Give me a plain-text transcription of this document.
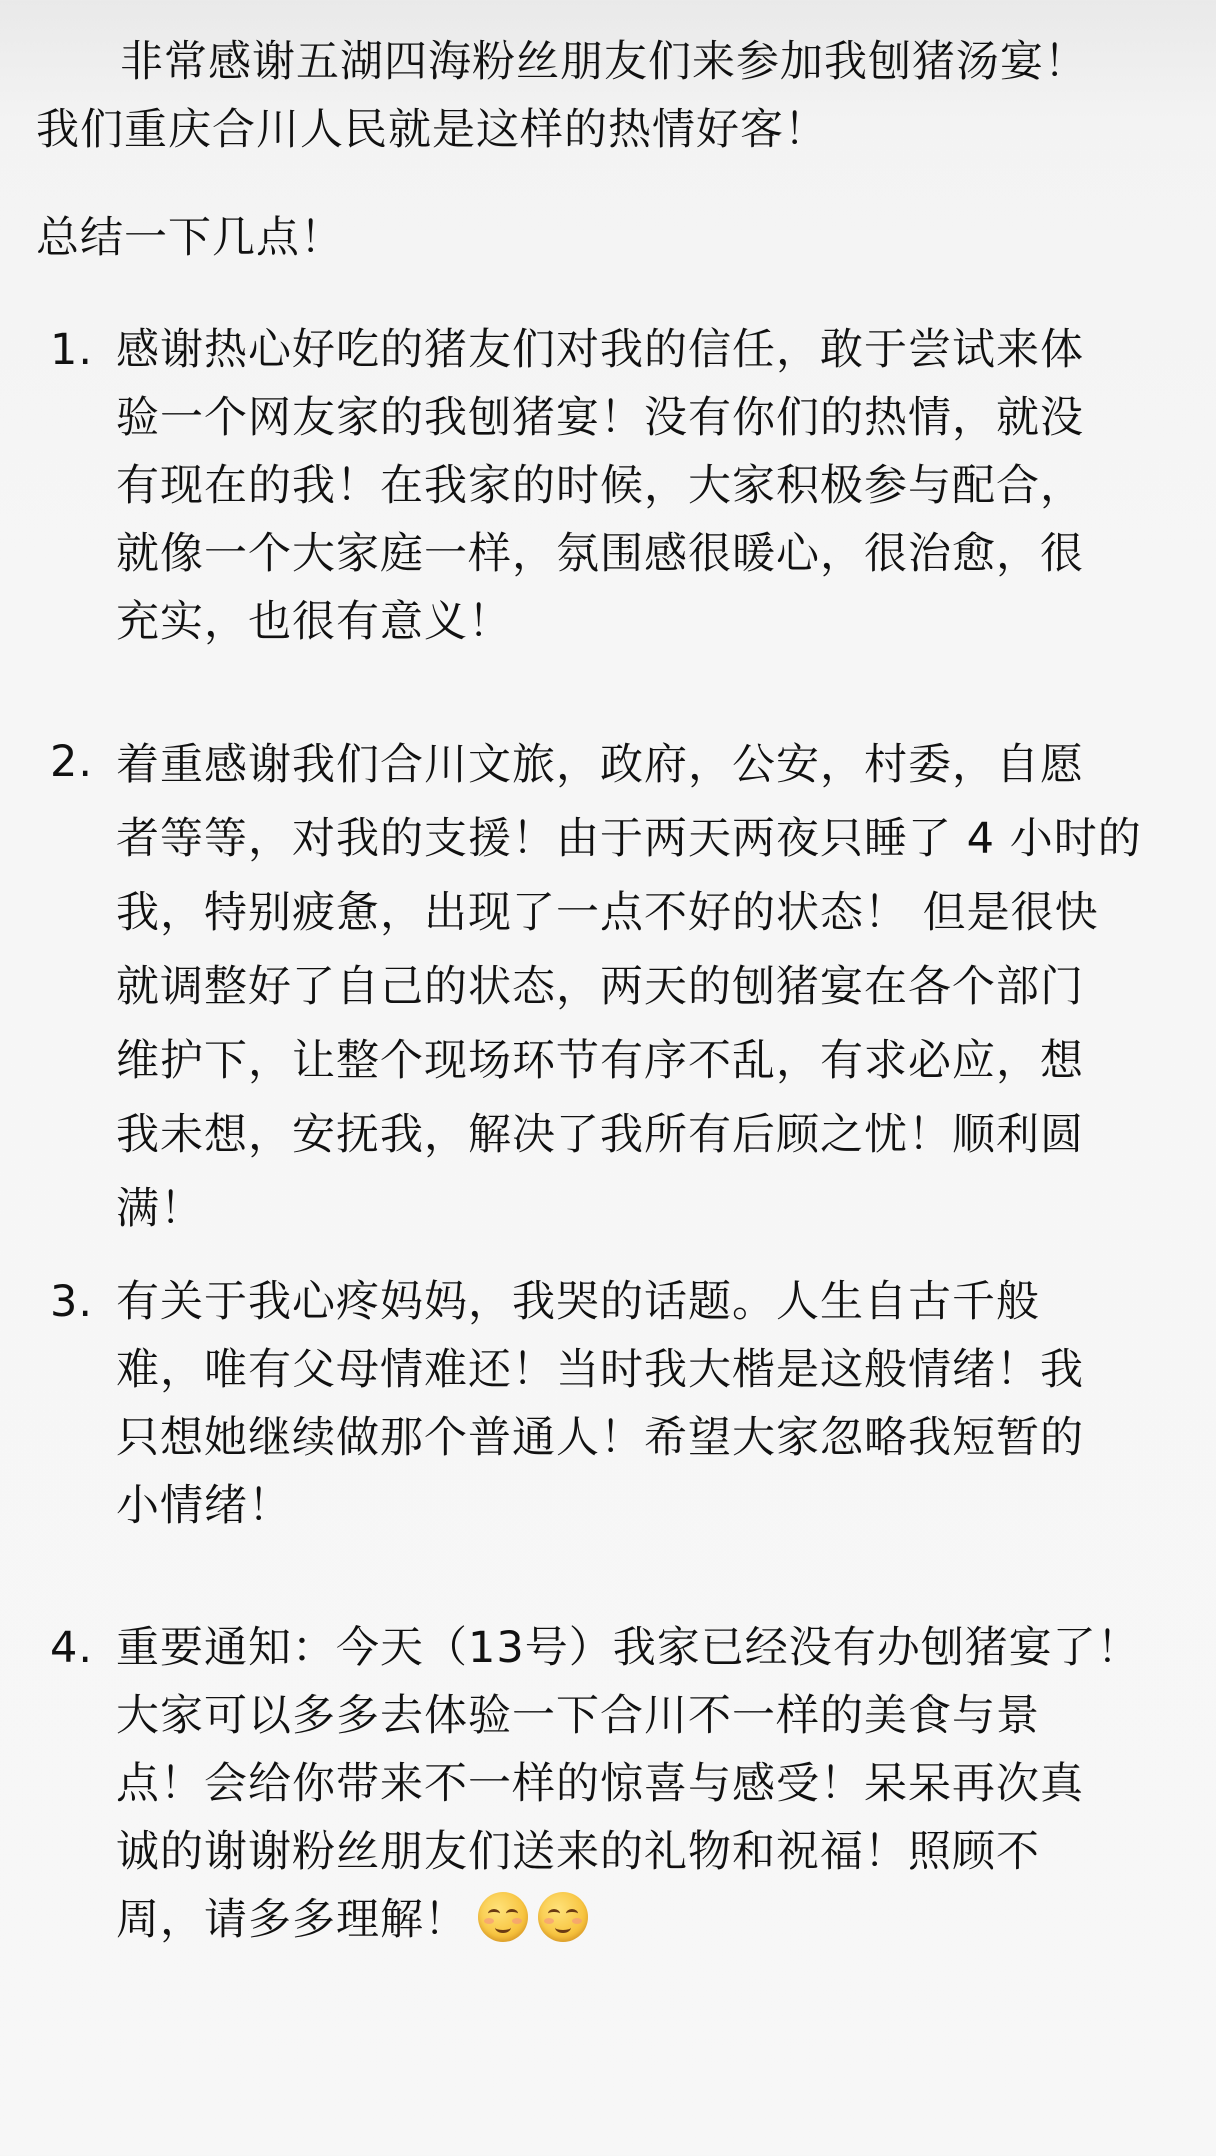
非常感谢五湖四海粉丝朋友们来参加我刨猪汤宴！
我们重庆合川人民就是这样的热情好客！
总结一下几点！
1. 感谢热心好吃的猪友们对我的信任，敢于尝试来体
验一个网友家的我刨猪宴！没有你们的热情，就没
有现在的我！在我家的时候，大家积极参与配合，
就像一个大家庭一样，氛围感很暖心，很治愈，很
充实，也很有意义！
2. 着重感谢我们合川文旅，政府，公安，村委，自愿
者等等，对我的支援！由于两天两夜只睡了 4 小时的
我，特别疲惫，出现了一点不好的状态！ 但是很快
就调整好了自己的状态，两天的刨猪宴在各个部门
维护下，让整个现场环节有序不乱，有求必应，想
我未想，安抚我，解决了我所有后顾之忧！顺利圆
满！
3. 有关于我心疼妈妈，我哭的话题。人生自古千般
难，唯有父母情难还！当时我大楷是这般情绪！我
只想她继续做那个普通人！希望大家忽略我短暂的
小情绪！
4. 重要通知：今天（13号）我家已经没有办刨猪宴了！
大家可以多多去体验一下合川不一样的美食与景
点！会给你带来不一样的惊喜与感受！呆呆再次真
诚的谢谢粉丝朋友们送来的礼物和祝福！照顾不
周，请多多理解！
